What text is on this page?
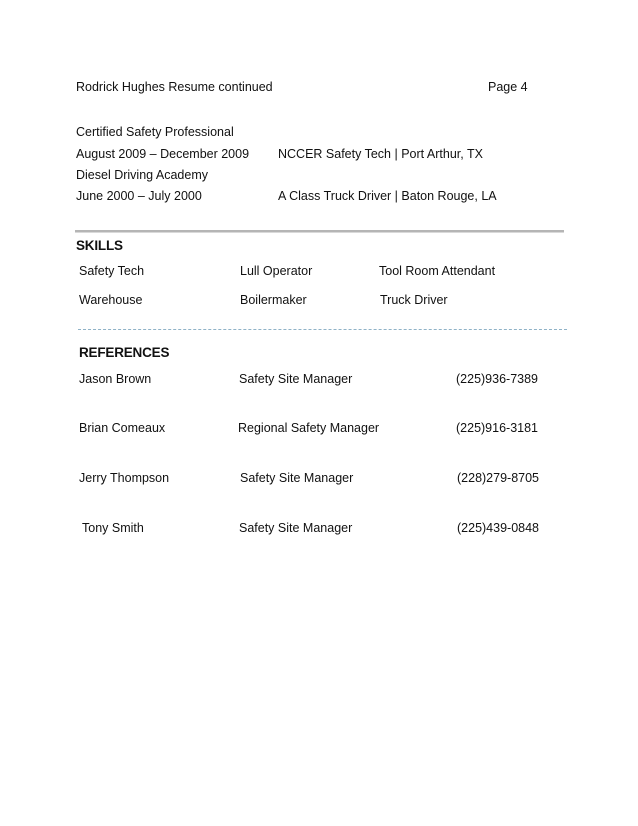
Rodrick Hughes Resume continued	Page 4
Certified Safety Professional
August 2009 – December 2009 NCCER Safety Tech | Port Arthur, TX
Diesel Driving Academy
June 2000 – July 2000	A Class Truck Driver | Baton Rouge, LA
SKILLS
Safety Tech	Lull Operator	Tool Room Attendant
Warehouse	Boilermaker	Truck Driver
REFERENCES
Jason Brown	Safety Site Manager	(225)936-7389
Brian Comeaux	Regional Safety Manager	(225)916-3181
Jerry Thompson	Safety Site Manager	(228)279-8705
Tony Smith	Safety Site Manager	(225)439-0848
